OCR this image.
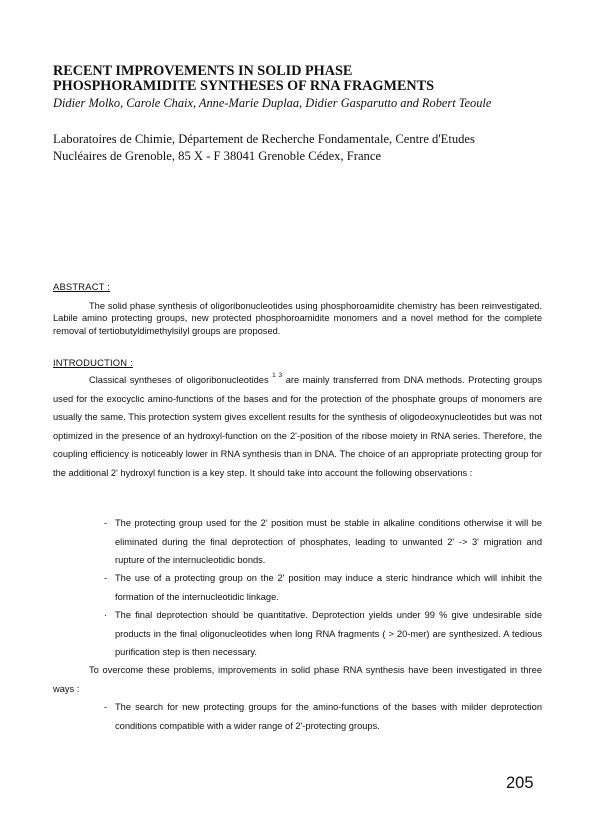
RECENT IMPROVEMENTS IN SOLID PHASE
PHOSPHORAMIDITE SYNTHESES OF RNA FRAGMENTS
Didier Molko, Carole Chaix, Anne-Marie Duplaa, Didier Gasparutto and Robert Teoule
Laboratoires de Chimie, Département de Recherche Fondamentale, Centre d'Etudes
Nucléaires de Grenoble, 85 X - F 38041 Grenoble Cédex, France
ABSTRACT :
The solid phase synthesis of oligoribonucleotides using phosphoroamidite chemistry has been reinvestigated. Labile amino protecting groups, new protected phosphoroamidite monomers and a novel method for the complete removal of tertiobutyldimethylsilyl groups are proposed.
INTRODUCTION :
Classical syntheses of oligoribonucleotides $^{1 3}$ are mainly transferred from DNA methods. Protecting groups used for the exocyclic amino-functions of the bases and for the protection of the phosphate groups of monomers are usually the same. This protection system gives excellent results for the synthesis of oligodeoxynucleotides but was not optimized in the presence of an hydroxyl-function on the 2'-position of the ribose moiety in RNA series. Therefore, the coupling efficiency is noticeably lower in RNA synthesis than in DNA. The choice of an appropriate protecting group for the additional 2' hydroxyl function is a key step. It should take into account the following observations :
- The protecting group used for the 2' position must be stable in alkaline conditions otherwise it will be eliminated during the final deprotection of phosphates, leading to unwanted 2' -> 3' migration and rupture of the internucleotidic bonds.
- The use of a protecting group on the 2' position may induce a steric hindrance which will inhibit the formation of the internucleotidic linkage.
· The final deprotection should be quantitative. Deprotection yields under 99 % give undesirable side products in the final oligonucleotides when long RNA fragments ( > 20-mer) are synthesized. A tedious purification step is then necessary.
To overcome these problems, improvements in solid phase RNA synthesis have been investigated in three ways :
- The search for new protecting groups for the amino-functions of the bases with milder deprotection conditions compatible with a wider range of 2'-protecting groups.
205
